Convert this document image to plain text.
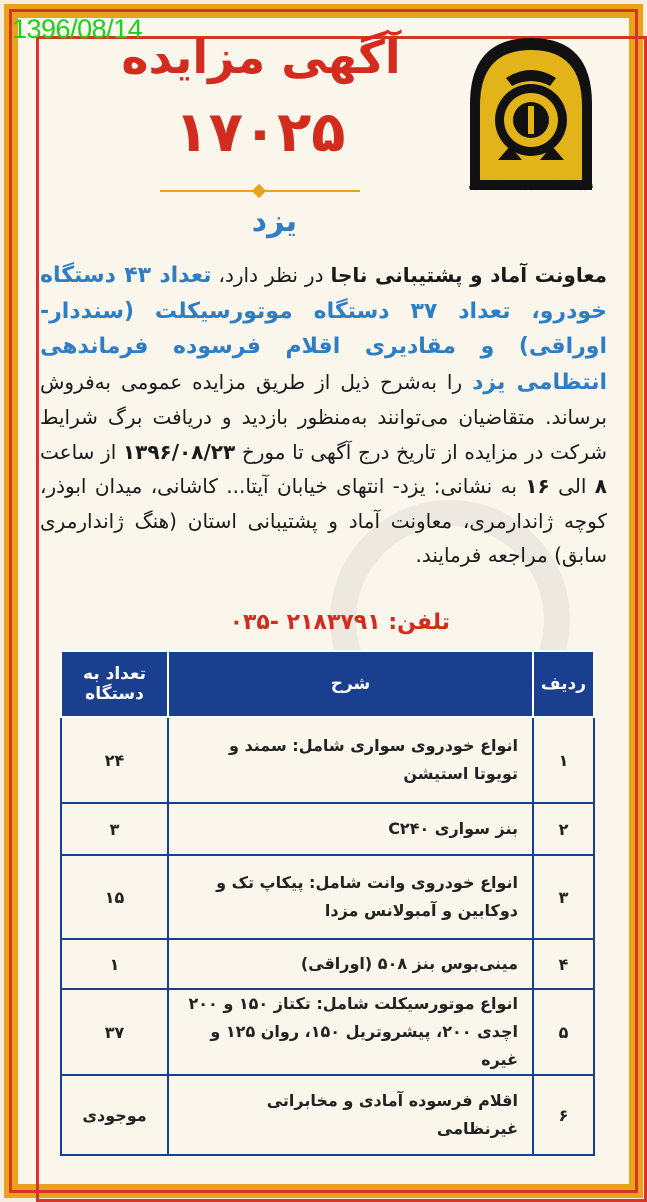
1396/08/14
نیروی انتظامی جمهوری اسلامی ایران
آگهی مزایده
۱۷۰۲۵
یزد
معاونت آماد و پشتیبانی ناجا در نظر دارد، تعداد ۴۳ دستگاه خودرو، تعداد ۳۷ دستگاه موتورسیکلت (سنددار- اوراقی) و مقادیری اقلام فرسوده فرماندهی انتظامی یزد را به‌شرح ذیل از طریق مزایده عمومی به‌فروش برساند. متقاضیان می‌توانند به‌منظور بازدید و دریافت برگ شرایط شرکت در مزایده از تاریخ درج آگهی تا مورخ ۱۳۹۶/۰۸/۲۳ از ساعت ۸ الی ۱۶ به نشانی: یزد- انتهای خیابان آیتا... کاشانی، میدان ابوذر، کوچه ژاندارمری، معاونت آماد و پشتیبانی استان (هنگ ژاندارمری سابق) مراجعه فرمایند.
تلفن: ۲۱۸۳۷۹۱ -۰۳۵
ردیف	شرح	تعداد به دستگاه
۱	انواع خودروی سواری شامل: سمند و تویوتا استیشن	۲۴
۲	بنز سواری C۲۴۰	۳
۳	انواع خودروی وانت شامل: پیکاپ تک و دوکابین و آمبولانس مزدا	۱۵
۴	مینی‌بوس بنز ۵۰۸ (اوراقی)	۱
۵	انواع موتورسیکلت شامل: تکتاز ۱۵۰ و ۲۰۰ اچدی ۲۰۰، پیشروتریل ۱۵۰، روان ۱۲۵ و غیره	۳۷
۶	اقلام فرسوده آمادی و مخابراتی غیرنظامی	موجودی
